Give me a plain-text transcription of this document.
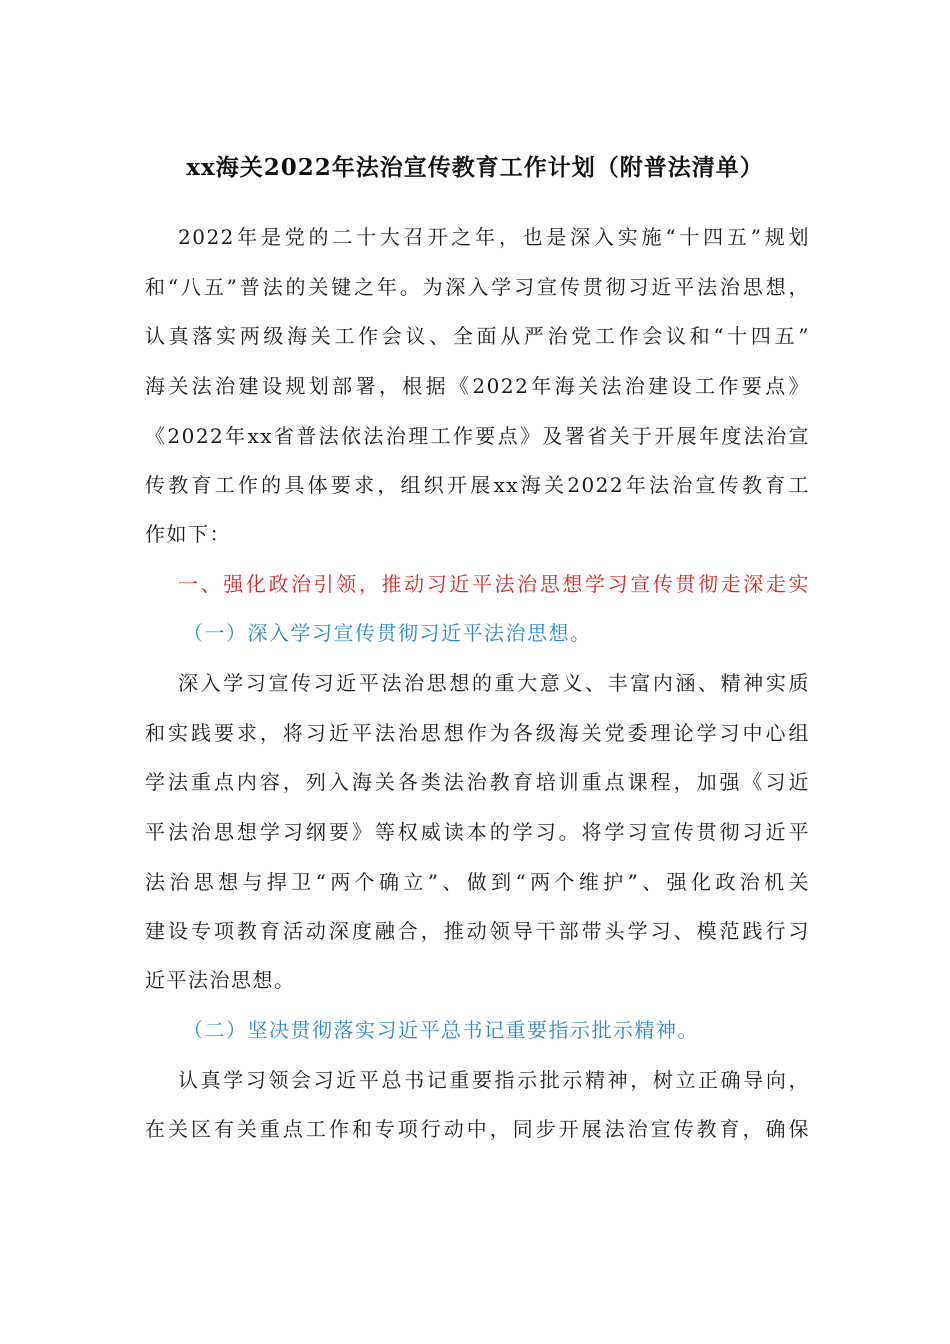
xx海关2022年法治宣传教育工作计划（附普法清单）
2022年是党的二十大召开之年，也是深入实施“十四五”规划
和“八五”普法的关键之年。为深入学习宣传贯彻习近平法治思想，
认真落实两级海关工作会议、全面从严治党工作会议和“十四五”
海关法治建设规划部署，根据《2022年海关法治建设工作要点》
《2022年xx省普法依法治理工作要点》及署省关于开展年度法治宣
传教育工作的具体要求，组织开展xx海关2022年法治宣传教育工
作如下：
一、强化政治引领，推动习近平法治思想学习宣传贯彻走深走实
（一）深入学习宣传贯彻习近平法治思想。
深入学习宣传习近平法治思想的重大意义、丰富内涵、精神实质
和实践要求，将习近平法治思想作为各级海关党委理论学习中心组
学法重点内容，列入海关各类法治教育培训重点课程，加强《习近
平法治思想学习纲要》等权威读本的学习。将学习宣传贯彻习近平
法治思想与捍卫“两个确立”、做到“两个维护”、强化政治机关
建设专项教育活动深度融合，推动领导干部带头学习、模范践行习
近平法治思想。
（二）坚决贯彻落实习近平总书记重要指示批示精神。
认真学习领会习近平总书记重要指示批示精神，树立正确导向，
在关区有关重点工作和专项行动中，同步开展法治宣传教育，确保
